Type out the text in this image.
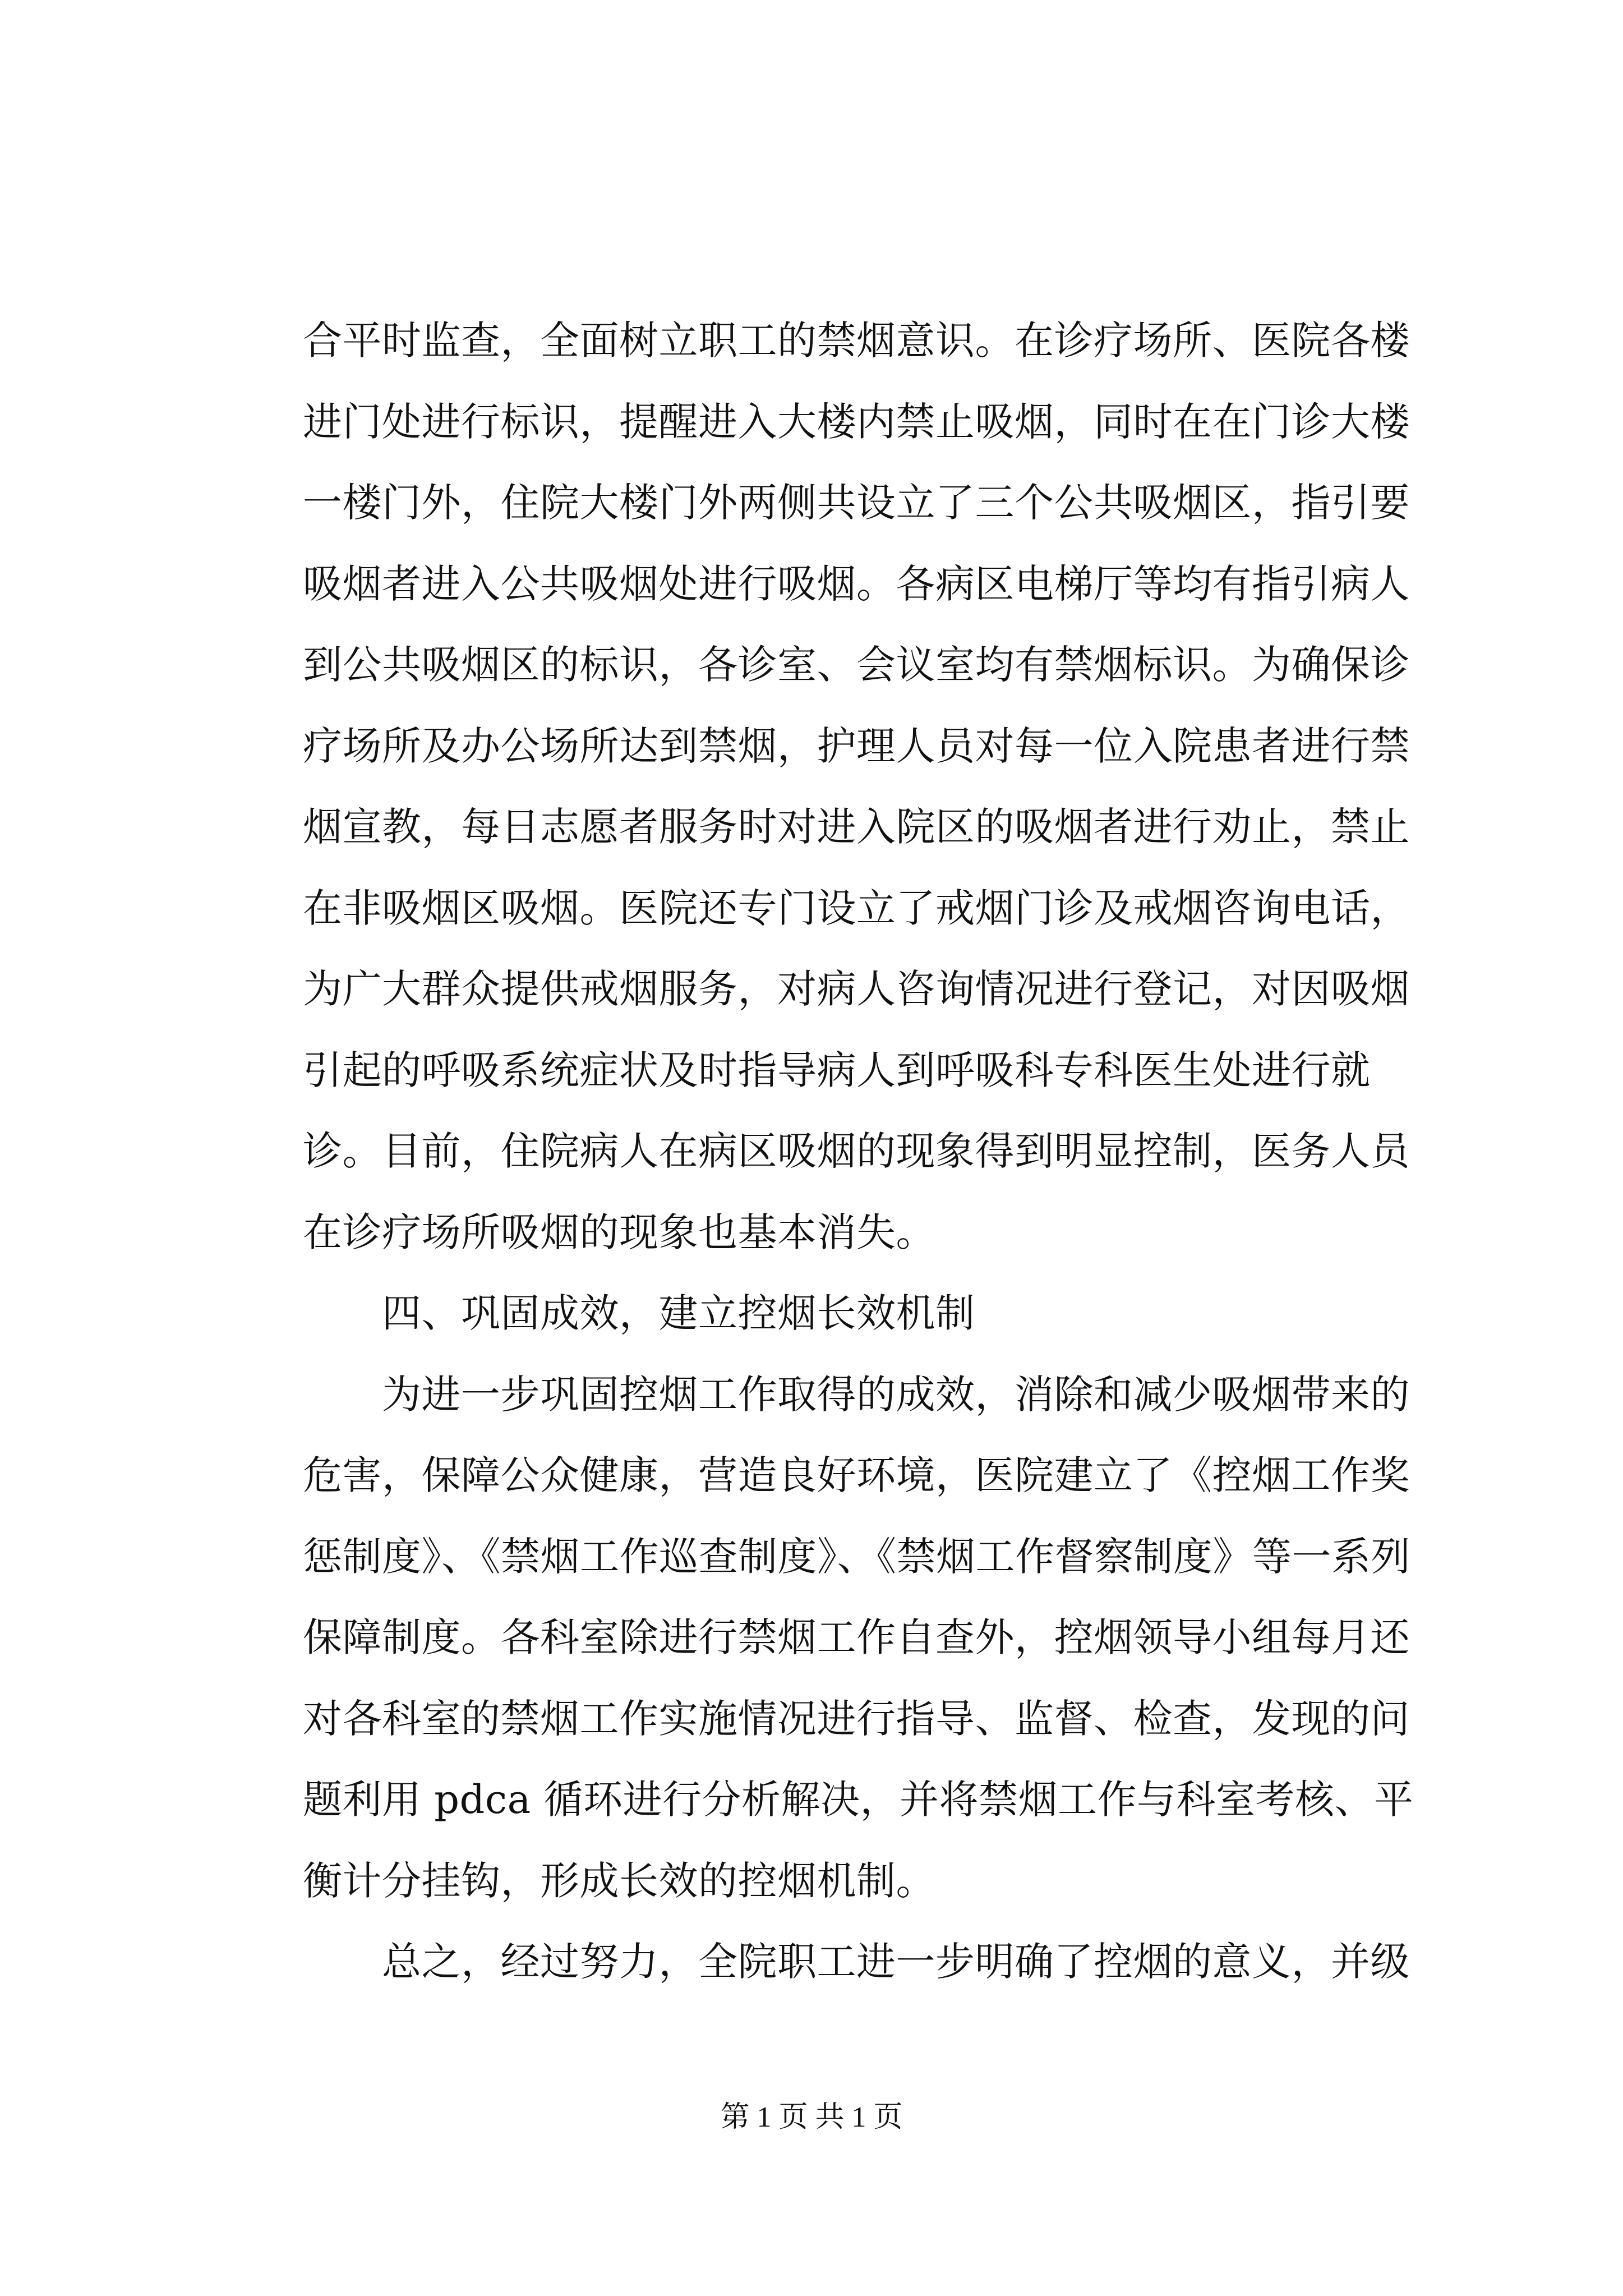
合平时监查，全面树立职工的禁烟意识。在诊疗场所、医院各楼
进门处进行标识，提醒进入大楼内禁止吸烟，同时在在门诊大楼
一楼门外，住院大楼门外两侧共设立了三个公共吸烟区，指引要
吸烟者进入公共吸烟处进行吸烟。各病区电梯厅等均有指引病人
到公共吸烟区的标识，各诊室、会议室均有禁烟标识。为确保诊
疗场所及办公场所达到禁烟，护理人员对每一位入院患者进行禁
烟宣教，每日志愿者服务时对进入院区的吸烟者进行劝止，禁止
在非吸烟区吸烟。医院还专门设立了戒烟门诊及戒烟咨询电话，
为广大群众提供戒烟服务，对病人咨询情况进行登记，对因吸烟
引起的呼吸系统症状及时指导病人到呼吸科专科医生处进行就
诊。目前，住院病人在病区吸烟的现象得到明显控制，医务人员
在诊疗场所吸烟的现象也基本消失。
　　四、巩固成效，建立控烟长效机制
　　为进一步巩固控烟工作取得的成效，消除和减少吸烟带来的
危害，保障公众健康，营造良好环境，医院建立了《控烟工作奖
惩制度》、《禁烟工作巡查制度》、《禁烟工作督察制度》等一系列
保障制度。各科室除进行禁烟工作自查外，控烟领导小组每月还
对各科室的禁烟工作实施情况进行指导、监督、检查，发现的问
题利用 pdca 循环进行分析解决，并将禁烟工作与科室考核、平
衡计分挂钩，形成长效的控烟机制。
　　总之，经过努力，全院职工进一步明确了控烟的意义，并级
第 1 页 共 1 页
